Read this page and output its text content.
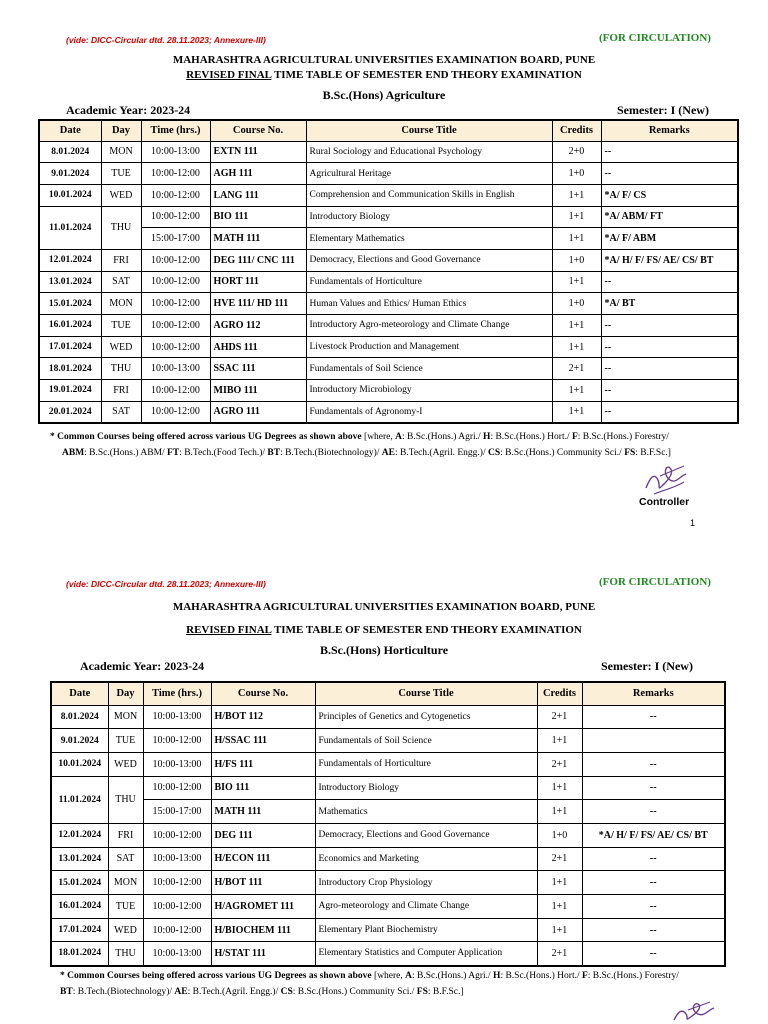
(vide: DICC-Circular dtd. 28.11.2023; Annexure-III)	(FOR CIRCULATION)
MAHARASHTRA AGRICULTURAL UNIVERSITIES EXAMINATION BOARD, PUNE
REVISED FINAL TIME TABLE OF SEMESTER END THEORY EXAMINATION
B.Sc.(Hons) Agriculture
Academic Year: 2023-24	Semester: I (New)
Date	Day	Time (hrs.)	Course No.	Course Title	Credits	Remarks
8.01.2024	MON	10:00-13:00	EXTN 111	Rural Sociology and Educational Psychology	2+0	--
9.01.2024	TUE	10:00-12:00	AGH 111	Agricultural Heritage	1+0	--
10.01.2024	WED	10:00-12:00	LANG 111	Comprehension and Communication Skills in English	1+1	*A/ F/ CS
11.01.2024	THU	10:00-12:00	BIO 111	Introductory Biology	1+1	*A/ ABM/ FT
		15:00-17:00	MATH 111	Elementary Mathematics	1+1	*A/ F/ ABM
12.01.2024	FRI	10:00-12:00	DEG 111/ CNC 111	Democracy, Elections and Good Governance	1+0	*A/ H/ F/ FS/ AE/ CS/ BT
13.01.2024	SAT	10:00-12:00	HORT 111	Fundamentals of Horticulture	1+1	--
15.01.2024	MON	10:00-12:00	HVE 111/ HD 111	Human Values and Ethics/ Human Ethics	1+0	*A/ BT
16.01.2024	TUE	10:00-12:00	AGRO 112	Introductory Agro-meteorology and Climate Change	1+1	--
17.01.2024	WED	10:00-12:00	AHDS 111	Livestock Production and Management	1+1	--
18.01.2024	THU	10:00-13:00	SSAC 111	Fundamentals of Soil Science	2+1	--
19.01.2024	FRI	10:00-12:00	MIBO 111	Introductory Microbiology	1+1	--
20.01.2024	SAT	10:00-12:00	AGRO 111	Fundamentals of Agronomy-I	1+1	--
* Common Courses being offered across various UG Degrees as shown above [where, A: B.Sc.(Hons.) Agri./ H: B.Sc.(Hons.) Hort./ F: B.Sc.(Hons.) Forestry/
ABM: B.Sc.(Hons.) ABM/ FT: B.Tech.(Food Tech.)/ BT: B.Tech.(Biotechnology)/ AE: B.Tech.(Agril. Engg.)/ CS: B.Sc.(Hons.) Community Sci./ FS: B.F.Sc.]
Controller
1
(vide: DICC-Circular dtd. 28.11.2023; Annexure-III)	(FOR CIRCULATION)
MAHARASHTRA AGRICULTURAL UNIVERSITIES EXAMINATION BOARD, PUNE
REVISED FINAL TIME TABLE OF SEMESTER END THEORY EXAMINATION
B.Sc.(Hons) Horticulture
Academic Year: 2023-24	Semester: I (New)
Date	Day	Time (hrs.)	Course No.	Course Title	Credits	Remarks
8.01.2024	MON	10:00-13:00	H/BOT 112	Principles of Genetics and Cytogenetics	2+1	--
9.01.2024	TUE	10:00-12:00	H/SSAC 111	Fundamentals of Soil Science	1+1	
10.01.2024	WED	10:00-13:00	H/FS 111	Fundamentals of Horticulture	2+1	--
11.01.2024	THU	10:00-12:00	BIO 111	Introductory Biology	1+1	--
		15:00-17:00	MATH 111	Mathematics	1+1	--
12.01.2024	FRI	10:00-12:00	DEG 111	Democracy, Elections and Good Governance	1+0	*A/ H/ F/ FS/ AE/ CS/ BT
13.01.2024	SAT	10:00-13:00	H/ECON 111	Economics and Marketing	2+1	--
15.01.2024	MON	10:00-12:00	H/BOT 111	Introductory Crop Physiology	1+1	--
16.01.2024	TUE	10:00-12:00	H/AGROMET 111	Agro-meteorology and Climate Change	1+1	--
17.01.2024	WED	10:00-12:00	H/BIOCHEM 111	Elementary Plant Biochemistry	1+1	--
18.01.2024	THU	10:00-13:00	H/STAT 111	Elementary Statistics and Computer Application	2+1	--
* Common Courses being offered across various UG Degrees as shown above [where, A: B.Sc.(Hons.) Agri./ H: B.Sc.(Hons.) Hort./ F: B.Sc.(Hons.) Forestry/
BT: B.Tech.(Biotechnology)/ AE: B.Tech.(Agril. Engg.)/ CS: B.Sc.(Hons.) Community Sci./ FS: B.F.Sc.]
